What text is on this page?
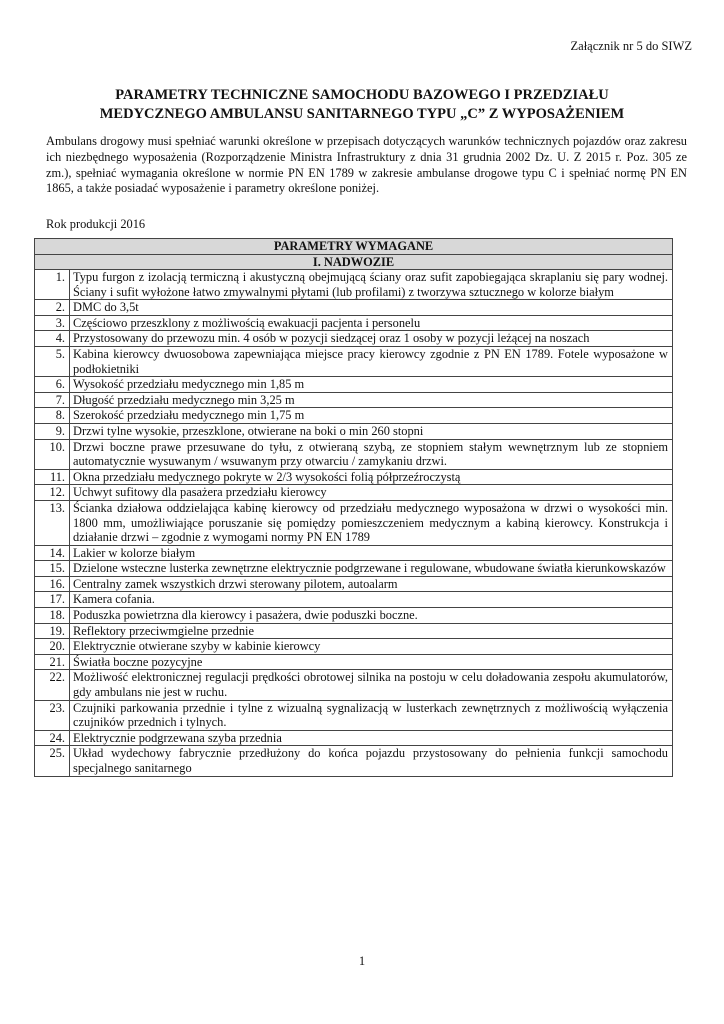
Załącznik nr 5 do SIWZ
PARAMETRY TECHNICZNE SAMOCHODU BAZOWEGO I PRZEDZIAŁU
MEDYCZNEGO AMBULANSU SANITARNEGO TYPU „C” Z WYPOSAŻENIEM

Ambulans drogowy musi spełniać warunki określone w przepisach dotyczących warunków technicznych pojazdów oraz zakresu ich niezbędnego wyposażenia (Rozporządzenie Ministra Infrastruktury z dnia 31 grudnia 2002 Dz. U. Z 2015 r. Poz. 305 ze zm.), spełniać wymagania określone w normie PN EN 1789 w zakresie ambulanse drogowe typu C i spełniać normę PN EN 1865, a także posiadać wyposażenie i parametry określone poniżej.

Rok produkcji 2016

PARAMETRY WYMAGANE	
I. NADWOZIE	
1.	Typu furgon z izolacją termiczną i akustyczną obejmującą ściany oraz sufit zapobiegająca skraplaniu się pary wodnej. Ściany i sufit wyłożone łatwo zmywalnymi płytami (lub profilami) z tworzywa sztucznego w kolorze białym
2.	DMC do 3,5t
3.	Częściowo przeszklony z możliwością ewakuacji pacjenta i personelu
4.	Przystosowany do przewozu min. 4 osób w pozycji siedzącej oraz 1 osoby w pozycji leżącej na noszach
5.	Kabina kierowcy dwuosobowa zapewniająca miejsce pracy kierowcy zgodnie z PN EN 1789. Fotele wyposażone w podłokietniki
6.	Wysokość przedziału medycznego min 1,85 m
7.	Długość przedziału medycznego min 3,25 m
8.	Szerokość przedziału medycznego min 1,75 m
9.	Drzwi tylne wysokie, przeszklone, otwierane na boki o min 260 stopni
10.	Drzwi boczne prawe przesuwane do tyłu, z otwieraną szybą, ze stopniem stałym wewnętrznym lub ze stopniem automatycznie wysuwanym / wsuwanym przy otwarciu / zamykaniu drzwi.
11.	Okna przedziału medycznego pokryte w 2/3 wysokości folią półprzeźroczystą
12.	Uchwyt sufitowy dla pasażera przedziału kierowcy
13.	Ścianka działowa oddzielająca kabinę kierowcy od przedziału medycznego wyposażona w drzwi o wysokości min. 1800 mm, umożliwiające poruszanie się pomiędzy pomieszczeniem medycznym a kabiną kierowcy. Konstrukcja i działanie drzwi – zgodnie z wymogami normy PN EN 1789
14.	Lakier w kolorze białym
15.	Dzielone wsteczne lusterka zewnętrzne elektrycznie podgrzewane i regulowane, wbudowane światła kierunkowskazów
16.	Centralny zamek wszystkich drzwi sterowany pilotem, autoalarm
17.	Kamera cofania.
18.	Poduszka powietrzna dla kierowcy i pasażera, dwie poduszki boczne.
19.	Reflektory przeciwmgielne przednie
20.	Elektrycznie otwierane szyby w kabinie kierowcy
21.	Światła boczne pozycyjne
22.	Możliwość elektronicznej regulacji prędkości obrotowej silnika na postoju w celu doładowania zespołu akumulatorów, gdy ambulans nie jest w ruchu.
23.	Czujniki parkowania przednie i tylne z wizualną sygnalizacją w lusterkach zewnętrznych z możliwością wyłączenia czujników przednich i tylnych.
24.	Elektrycznie podgrzewana szyba przednia
25.	Układ wydechowy fabrycznie przedłużony do końca pojazdu przystosowany do pełnienia funkcji samochodu specjalnego sanitarnego
1
